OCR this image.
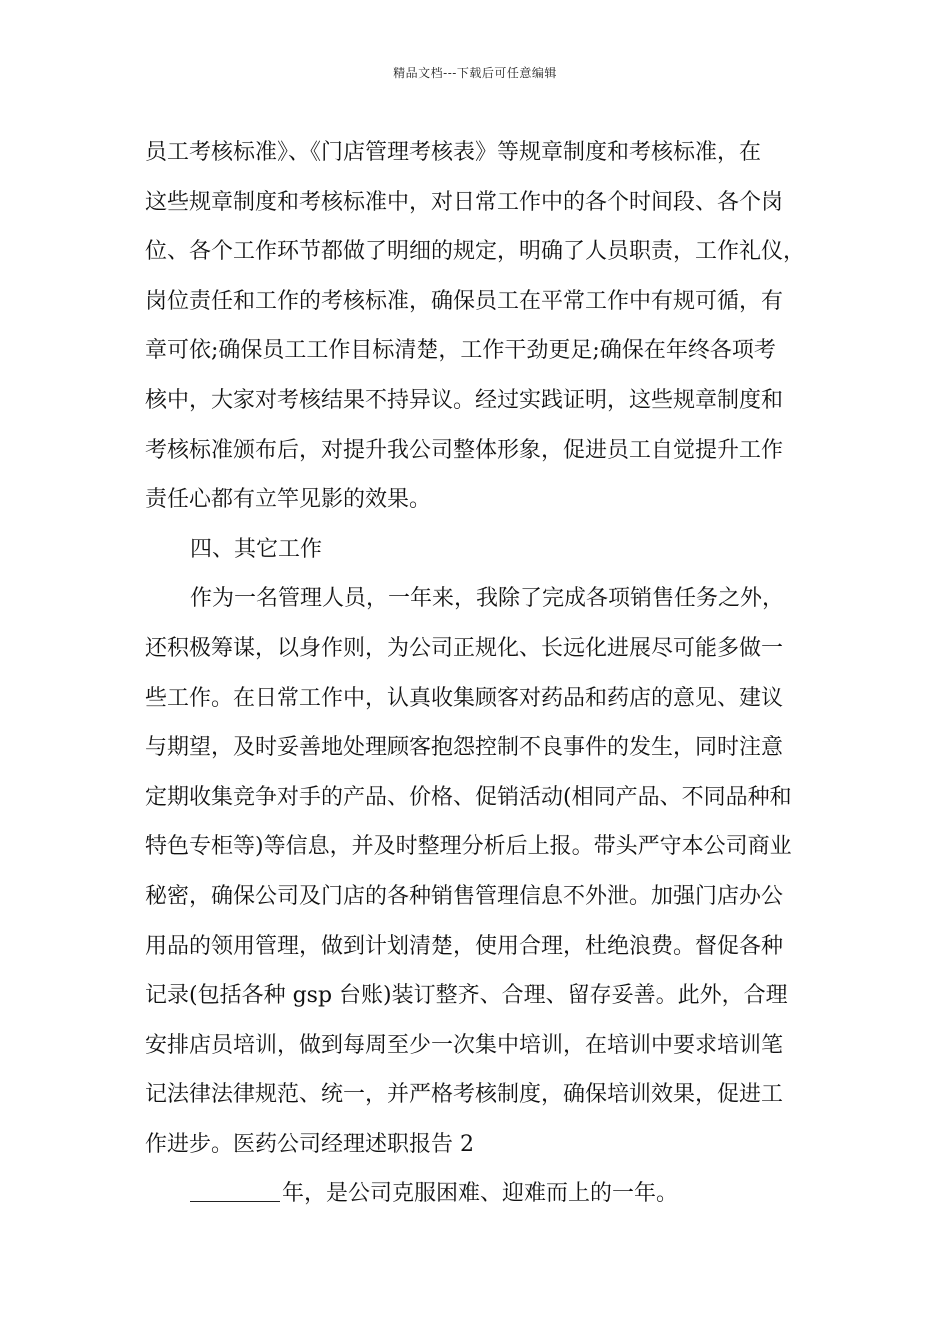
精品文档---下载后可任意编辑
员工考核标准》、《门店管理考核表》等规章制度和考核标准，在
这些规章制度和考核标准中，对日常工作中的各个时间段、各个岗
位、各个工作环节都做了明细的规定，明确了人员职责，工作礼仪，
岗位责任和工作的考核标准，确保员工在平常工作中有规可循，有
章可依;确保员工工作目标清楚，工作干劲更足;确保在年终各项考
核中，大家对考核结果不持异议。经过实践证明，这些规章制度和
考核标准颁布后，对提升我公司整体形象，促进员工自觉提升工作
责任心都有立竿见影的效果。
四、其它工作
作为一名管理人员，一年来，我除了完成各项销售任务之外，
还积极筹谋，以身作则，为公司正规化、长远化进展尽可能多做一
些工作。在日常工作中，认真收集顾客对药品和药店的意见、建议
与期望，及时妥善地处理顾客抱怨控制不良事件的发生，同时注意
定期收集竞争对手的产品、价格、促销活动(相同产品、不同品种和
特色专柜等)等信息，并及时整理分析后上报。带头严守本公司商业
秘密，确保公司及门店的各种销售管理信息不外泄。加强门店办公
用品的领用管理，做到计划清楚，使用合理，杜绝浪费。督促各种
记录(包括各种 gsp 台账)装订整齐、合理、留存妥善。此外，合理
安排店员培训，做到每周至少一次集中培训，在培训中要求培训笔
记法律法律规范、统一，并严格考核制度，确保培训效果，促进工
作进步。医药公司经理述职报告 2
年，是公司克服困难、迎难而上的一年。
